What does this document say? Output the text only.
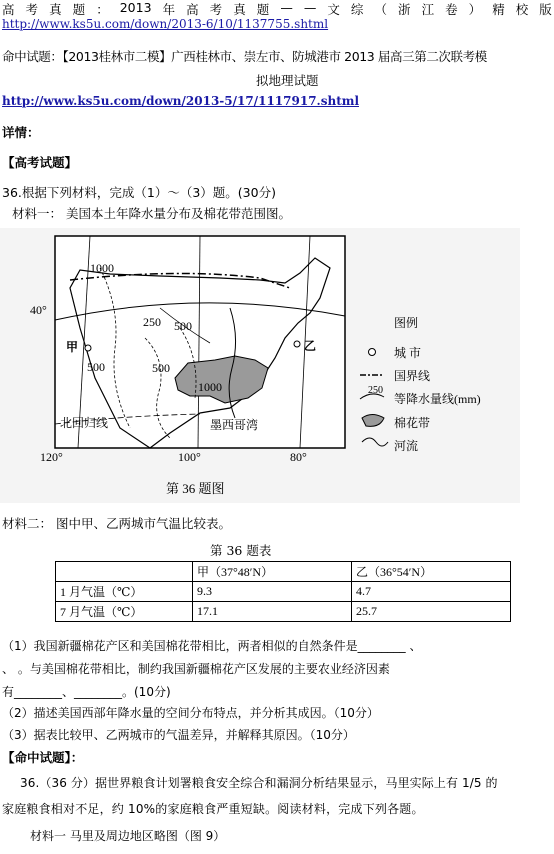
高 考 真 题 ： 2013 年 高 考 真 题 — — 文 综 （ 浙 江 卷 ） 精 校 版
http://www.ks5u.com/down/2013-6/10/1137755.shtml
命中试题：【2013桂林市二模】广西桂林市、崇左市、防城港市 2013 届高三第二次联考模
拟地理试题
http://www.ks5u.com/down/2013-5/17/1117917.shtml
详情：
【高考试题】
36.根据下列材料，完成（1）～（3）题。(30分)
材料一： 美国本土年降水量分布及棉花带范围图。
40°
120°	100°	80°
1000
250 500
500	500
1000
甲	乙
北回归线	墨西哥湾
图例
城 市
国界线
250
等降水量线(mm)
棉花带
河流
第 36 题图
材料二： 图中甲、乙两城市气温比较表。
第 36 题表
	甲（37°48′N）	乙（36°54′N）
1 月气温（℃）	9.3	4.7
7 月气温（℃）	17.1	25.7
（1）我国新疆棉花产区和美国棉花带相比，两者相似的自然条件是________ 、
、 。与美国棉花带相比，制约我国新疆棉花产区发展的主要农业经济因素
有________、________。(10分)
（2）描述美国西部年降水量的空间分布特点，并分析其成因。（10分）
（3）据表比较甲、乙两城市的气温差异，并解释其原因。（10分）
【命中试题】：
36.（36 分）据世界粮食计划署粮食安全综合和漏洞分析结果显示，马里实际上有 1/5 的
家庭粮食相对不足，约 10%的家庭粮食严重短缺。阅读材料，完成下列各题。
材料一 马里及周边地区略图（图 9）
